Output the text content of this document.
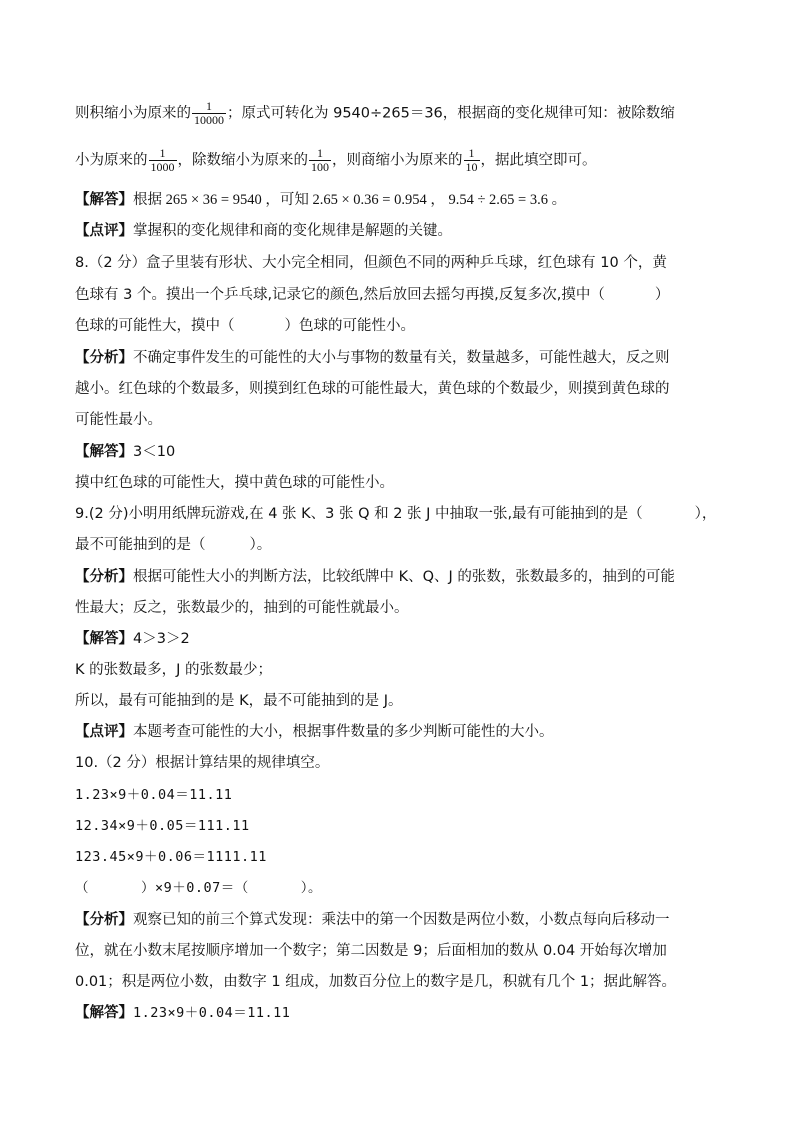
则积缩小为原来的 $\frac{1}{10000}$ ；原式可转化为 9540÷265＝36，根据商的变化规律可知：被除数缩
小为原来的 $\frac{1}{1000}$ ，除数缩小为原来的 $\frac{1}{100}$ ，则商缩小为原来的 $\frac{1}{10}$ ，据此填空即可。
【解答】根据 265 × 36 = 9540 ，可知 2.65 × 0.36 = 0.954 ， 9.54 ÷ 2.65 = 3.6 。
【点评】掌握积的变化规律和商的变化规律是解题的关键。
8.（2 分）盒子里装有形状、大小完全相同，但颜色不同的两种乒乓球，红色球有 10 个，黄
色球有 3 个。摸出一个乒乓球,记录它的颜色,然后放回去摇匀再摸,反复多次,摸中（	）
色球的可能性大，摸中（	）色球的可能性小。
【分析】不确定事件发生的可能性的大小与事物的数量有关，数量越多，可能性越大，反之则
越小。红色球的个数最多，则摸到红色球的可能性最大，黄色球的个数最少，则摸到黄色球的
可能性最小。
【解答】3＜10
摸中红色球的可能性大，摸中黄色球的可能性小。
9.(2 分)小明用纸牌玩游戏,在 4 张 K、3 张 Q 和 2 张 J 中抽取一张,最有可能抽到的是（	），
最不可能抽到的是（	）。
【分析】根据可能性大小的判断方法，比较纸牌中 K、Q、J 的张数，张数最多的，抽到的可能
性最大；反之，张数最少的，抽到的可能性就最小。
【解答】4＞3＞2
K 的张数最多，J 的张数最少；
所以，最有可能抽到的是 K，最不可能抽到的是 J。
【点评】本题考查可能性的大小，根据事件数量的多少判断可能性的大小。
10.（2 分）根据计算结果的规律填空。
1.23×9＋0.04＝11.11
12.34×9＋0.05＝111.11
123.45×9＋0.06＝1111.11
（	）×9＋0.07＝（	）。
【分析】观察已知的前三个算式发现：乘法中的第一个因数是两位小数，小数点每向后移动一
位，就在小数末尾按顺序增加一个数字；第二因数是 9；后面相加的数从 0.04 开始每次增加
0.01；积是两位小数，由数字 1 组成，加数百分位上的数字是几，积就有几个 1；据此解答。
【解答】1.23×9＋0.04＝11.11
